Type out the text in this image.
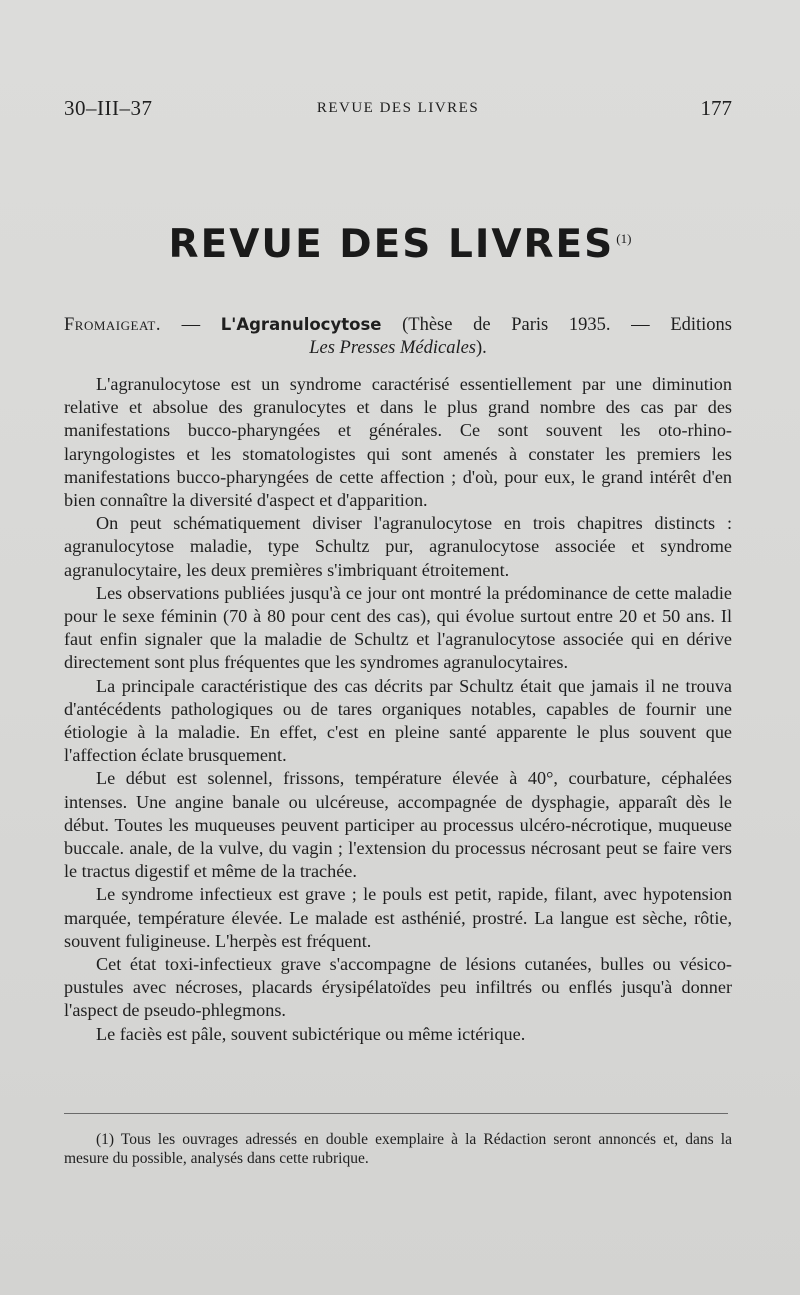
30–III–37	REVUE DES LIVRES	177
REVUE DES LIVRES $^{(1)}$
Fromaigeat. — L'Agranulocytose (Thèse de Paris 1935. — Editions
Les Presses Médicales).

L'agranulocytose est un syndrome caractérisé essentiellement par une diminution relative et absolue des granulocytes et dans le plus grand nombre des cas par des manifestations bucco-pharyngées et générales. Ce sont souvent les oto-rhino-laryngologistes et les stomatologistes qui sont amenés à constater les premiers les manifestations bucco-pharyngées de cette affection ; d'où, pour eux, le grand intérêt d'en bien connaître la diversité d'aspect et d'apparition.

On peut schématiquement diviser l'agranulocytose en trois chapitres distincts : agranulocytose maladie, type Schultz pur, agranulocytose associée et syndrome agranulocytaire, les deux premières s'imbriquant étroitement.

Les observations publiées jusqu'à ce jour ont montré la prédominance de cette maladie pour le sexe féminin (70 à 80 pour cent des cas), qui évolue surtout entre 20 et 50 ans. Il faut enfin signaler que la maladie de Schultz et l'agranulocytose associée qui en dérive directement sont plus fréquentes que les syndromes agranulocytaires.

La principale caractéristique des cas décrits par Schultz était que jamais il ne trouva d'antécédents pathologiques ou de tares organiques notables, capables de fournir une étiologie à la maladie. En effet, c'est en pleine santé apparente le plus souvent que l'affection éclate brusquement.

Le début est solennel, frissons, température élevée à 40°, courbature, céphalées intenses. Une angine banale ou ulcéreuse, accompagnée de dysphagie, apparaît dès le début. Toutes les muqueuses peuvent participer au processus ulcéro-nécrotique, muqueuse buccale. anale, de la vulve, du vagin ; l'extension du processus nécrosant peut se faire vers le tractus digestif et même de la trachée.

Le syndrome infectieux est grave ; le pouls est petit, rapide, filant, avec hypotension marquée, température élevée. Le malade est asthénié, prostré. La langue est sèche, rôtie, souvent fuligineuse. L'herpès est fréquent.

Cet état toxi-infectieux grave s'accompagne de lésions cutanées, bulles ou vésico-pustules avec nécroses, placards érysipélatoïdes peu infiltrés ou enflés jusqu'à donner l'aspect de pseudo-phlegmons.

Le faciès est pâle, souvent subictérique ou même ictérique.

(1) Tous les ouvrages adressés en double exemplaire à la Rédaction seront annoncés et, dans la mesure du possible, analysés dans cette rubrique.
